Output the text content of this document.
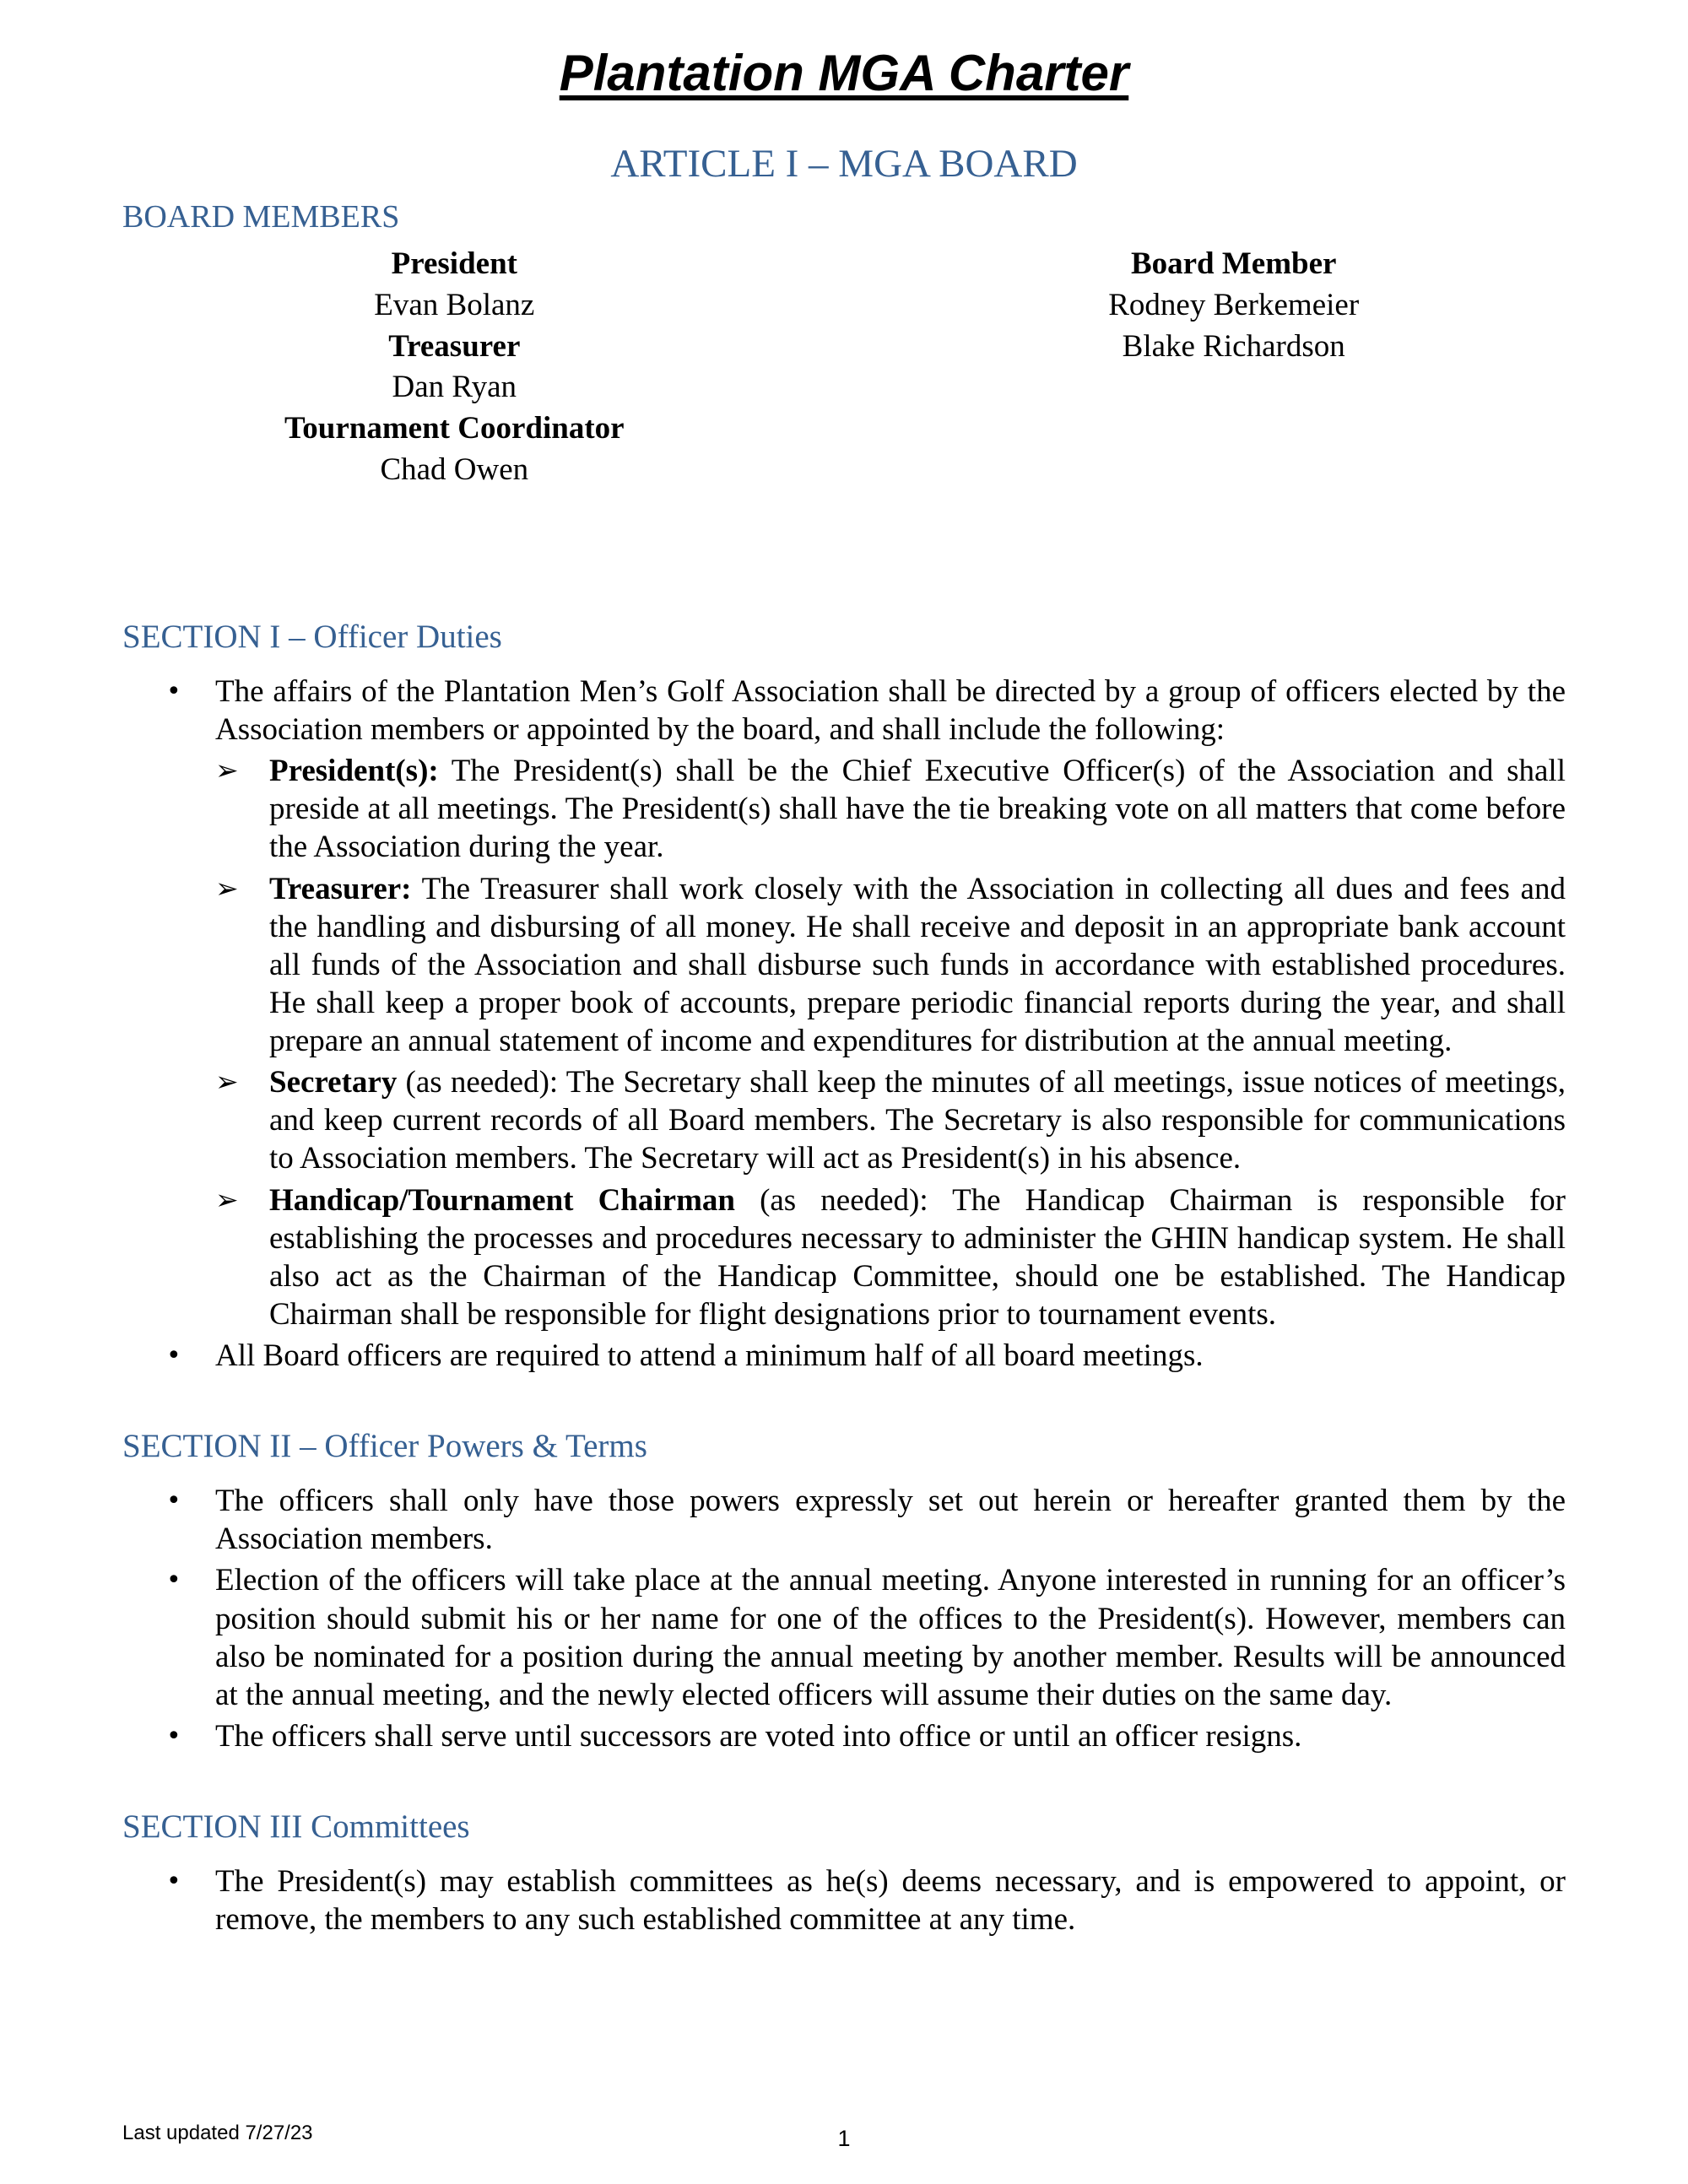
Plantation MGA Charter
ARTICLE I – MGA BOARD
BOARD MEMBERS
President
Evan Bolanz
Treasurer
Dan Ryan
Tournament Coordinator
Chad Owen
Board Member
Rodney Berkemeier
Blake Richardson
SECTION I – Officer Duties
•	The affairs of the Plantation Men’s Golf Association shall be directed by a group of officers elected by the Association members or appointed by the board, and shall include the following:
➢ President(s): The President(s) shall be the Chief Executive Officer(s) of the Association and shall preside at all meetings. The President(s) shall have the tie breaking vote on all matters that come before the Association during the year.
➢ Treasurer: The Treasurer shall work closely with the Association in collecting all dues and fees and the handling and disbursing of all money. He shall receive and deposit in an appropriate bank account all funds of the Association and shall disburse such funds in accordance with established procedures. He shall keep a proper book of accounts, prepare periodic financial reports during the year, and shall prepare an annual statement of income and expenditures for distribution at the annual meeting.
➢ Secretary (as needed): The Secretary shall keep the minutes of all meetings, issue notices of meetings, and keep current records of all Board members. The Secretary is also responsible for communications to Association members. The Secretary will act as President(s) in his absence.
➢ Handicap/Tournament Chairman (as needed): The Handicap Chairman is responsible for establishing the processes and procedures necessary to administer the GHIN handicap system. He shall also act as the Chairman of the Handicap Committee, should one be established. The Handicap Chairman shall be responsible for flight designations prior to tournament events.
•	All Board officers are required to attend a minimum half of all board meetings.
SECTION II – Officer Powers & Terms
•	The officers shall only have those powers expressly set out herein or hereafter granted them by the Association members.
•	Election of the officers will take place at the annual meeting. Anyone interested in running for an officer’s position should submit his or her name for one of the offices to the President(s). However, members can also be nominated for a position during the annual meeting by another member. Results will be announced at the annual meeting, and the newly elected officers will assume their duties on the same day.
•	The officers shall serve until successors are voted into office or until an officer resigns.
SECTION III Committees
•	The President(s) may establish committees as he(s) deems necessary, and is empowered to appoint, or remove, the members to any such established committee at any time.
Last updated 7/27/23	1
